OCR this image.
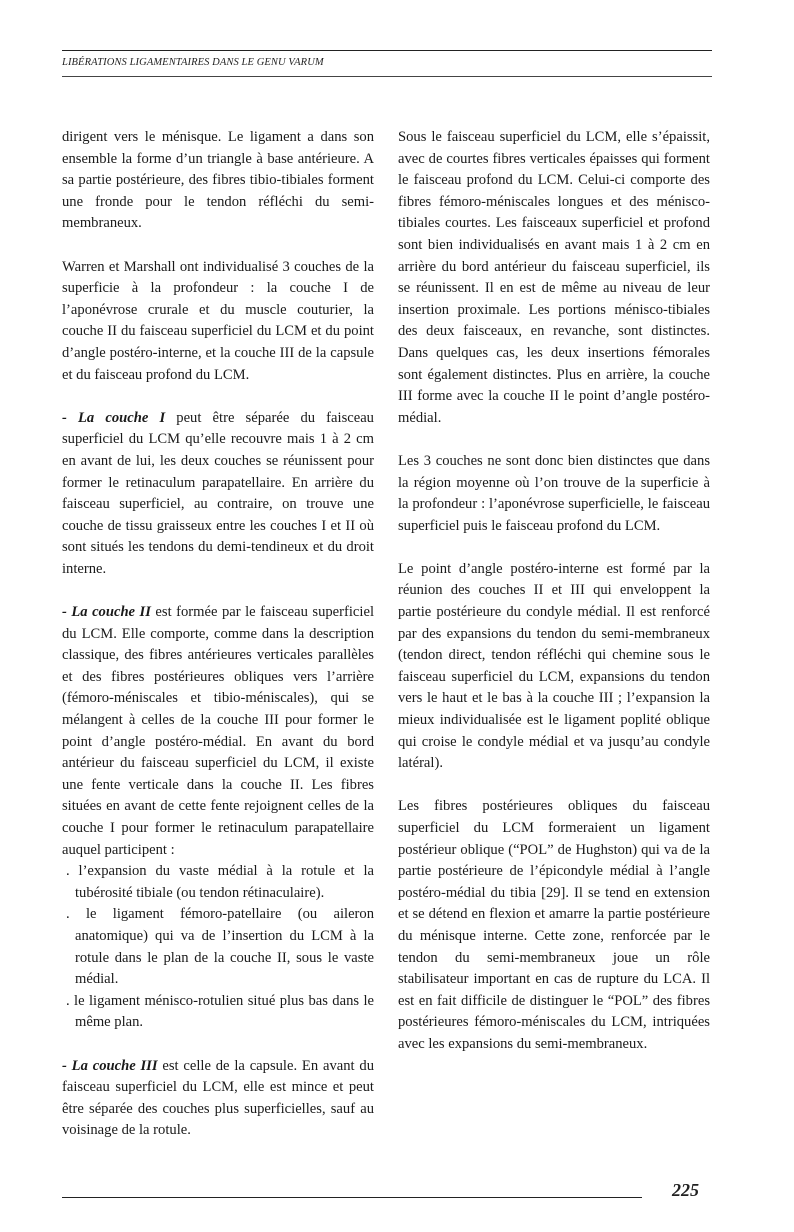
LIBÉRATIONS LIGAMENTAIRES DANS LE GENU VARUM

dirigent vers le ménisque. Le ligament a dans son ensemble la forme d’un triangle à base antérieure. A sa partie postérieure, des fibres tibio-tibiales forment une fronde pour le tendon réfléchi du semi-membraneux.

Warren et Marshall ont individualisé 3 couches de la superficie à la profondeur : la couche I de l’aponévrose crurale et du muscle couturier, la couche II du faisceau superficiel du LCM et du point d’angle postéro-interne, et la couche III de la capsule et du faisceau profond du LCM.

- La couche I peut être séparée du faisceau superficiel du LCM qu’elle recouvre mais 1 à 2 cm en avant de lui, les deux couches se réunissent pour former le retinaculum parapatellaire. En arrière du faisceau superficiel, au contraire, on trouve une couche de tissu graisseux entre les couches I et II où sont situés les tendons du demi-tendineux et du droit interne.

- La couche II est formée par le faisceau superficiel du LCM. Elle comporte, comme dans la description classique, des fibres antérieures verticales parallèles et des fibres postérieures obliques vers l’arrière (fémoro-méniscales et tibio-méniscales), qui se mélangent à celles de la couche III pour former le point d’angle postéro-médial. En avant du bord antérieur du faisceau superficiel du LCM, il existe une fente verticale dans la couche II. Les fibres situées en avant de cette fente rejoignent celles de la couche I pour former le retinaculum parapatellaire auquel participent :

. l’expansion du vaste médial à la rotule et la tubérosité tibiale (ou tendon rétinaculaire).
. le ligament fémoro-patellaire (ou aileron anatomique) qui va de l’insertion du LCM à la rotule dans le plan de la couche II, sous le vaste médial.
. le ligament ménisco-rotulien situé plus bas dans le même plan.

- La couche III est celle de la capsule. En avant du faisceau superficiel du LCM, elle est mince et peut être séparée des couches plus superficielles, sauf au voisinage de la rotule.

Sous le faisceau superficiel du LCM, elle s’épaissit, avec de courtes fibres verticales épaisses qui forment le faisceau profond du LCM. Celui-ci comporte des fibres fémoro-méniscales longues et des ménisco-tibiales courtes. Les faisceaux superficiel et profond sont bien individualisés en avant mais 1 à 2 cm en arrière du bord antérieur du faisceau superficiel, ils se réunissent. Il en est de même au niveau de leur insertion proximale. Les portions ménisco-tibiales des deux faisceaux, en revanche, sont distinctes. Dans quelques cas, les deux insertions fémorales sont également distinctes. Plus en arrière, la couche III forme avec la couche II le point d’angle postéro-médial.

Les 3 couches ne sont donc bien distinctes que dans la région moyenne où l’on trouve de la superficie à la profondeur : l’aponévrose superficielle, le faisceau superficiel puis le faisceau profond du LCM.

Le point d’angle postéro-interne est formé par la réunion des couches II et III qui enveloppent la partie postérieure du condyle médial. Il est renforcé par des expansions du tendon du semi-membraneux (tendon direct, tendon réfléchi qui chemine sous le faisceau superficiel du LCM, expansions du tendon vers le haut et le bas à la couche III ; l’expansion la mieux individualisée est le ligament poplité oblique qui croise le condyle médial et va jusqu’au condyle latéral).

Les fibres postérieures obliques du faisceau superficiel du LCM formeraient un ligament postérieur oblique (“POL” de Hughston) qui va de la partie postérieure de l’épicondyle médial à l’angle postéro-médial du tibia [29]. Il se tend en extension et se détend en flexion et amarre la partie postérieure du ménisque interne. Cette zone, renforcée par le tendon du semi-membraneux joue un rôle stabilisateur important en cas de rupture du LCA. Il est en fait difficile de distinguer le “POL” des fibres postérieures fémoro-méniscales du LCM, intriquées avec les expansions du semi-membraneux.

225
